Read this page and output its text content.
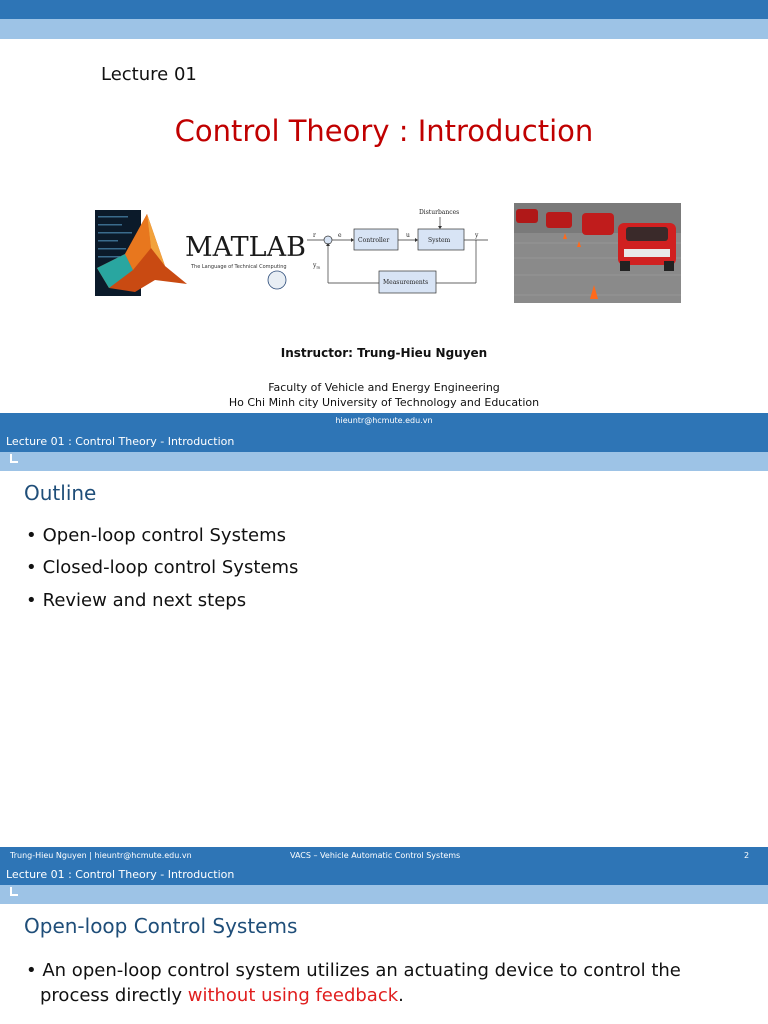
Lecture 01
Control Theory : Introduction
MATLAB
The Language of Technical Computing
Disturbances
r	e	u	y
$y_m$
Controller	System
Measurements
Instructor: Trung-Hieu Nguyen
Faculty of Vehicle and Energy Engineering
Ho Chi Minh city University of Technology and Education
hieuntr@hcmute.edu.vn
Lecture 01 : Control Theory - Introduction
Outline
• Open-loop control Systems
• Closed-loop control Systems
• Review and next steps
Trung-Hieu Nguyen | hieuntr@hcmute.edu.vn	VACS – Vehicle Automatic Control Systems	2
Lecture 01 : Control Theory - Introduction
Open-loop Control Systems
• An open-loop control system utilizes an actuating device to control the
process directly without using feedback.
